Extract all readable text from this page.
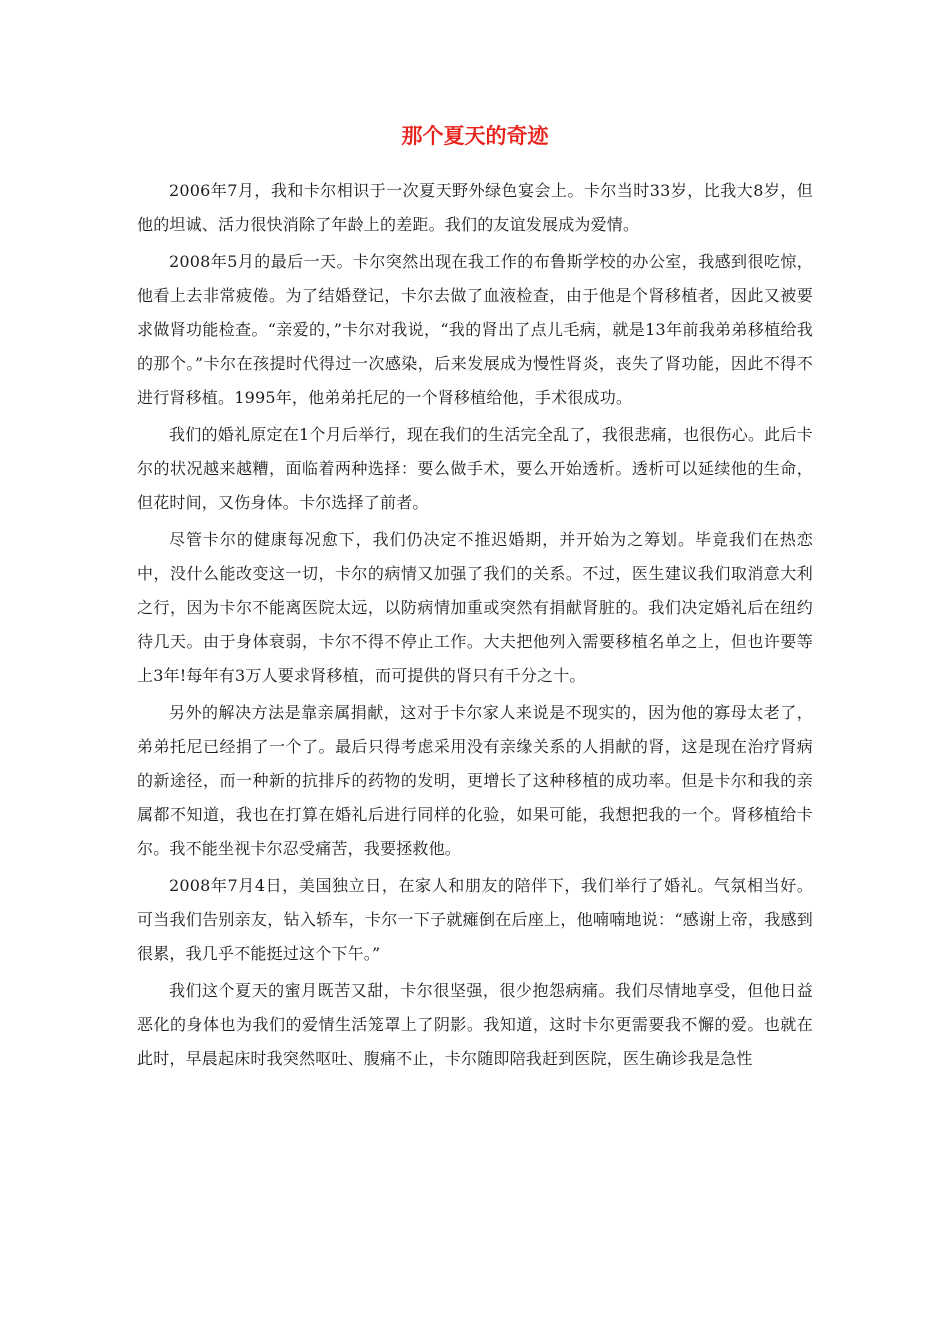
那个夏天的奇迹

2006年7月，我和卡尔相识于一次夏天野外绿色宴会上。卡尔当时33岁，比我大8岁，但他的坦诚、活力很快消除了年龄上的差距。我们的友谊发展成为爱情。

2008年5月的最后一天。卡尔突然出现在我工作的布鲁斯学校的办公室，我感到很吃惊，他看上去非常疲倦。为了结婚登记，卡尔去做了血液检查，由于他是个肾移植者，因此又被要求做肾功能检查。“亲爱的，”卡尔对我说，“我的肾出了点儿毛病，就是13年前我弟弟移植给我的那个。”卡尔在孩提时代得过一次感染，后来发展成为慢性肾炎，丧失了肾功能，因此不得不进行肾移植。1995年，他弟弟托尼的一个肾移植给他，手术很成功。

我们的婚礼原定在1个月后举行，现在我们的生活完全乱了，我很悲痛，也很伤心。此后卡尔的状况越来越糟，面临着两种选择：要么做手术，要么开始透析。透析可以延续他的生命，但花时间，又伤身体。卡尔选择了前者。

尽管卡尔的健康每况愈下，我们仍决定不推迟婚期，并开始为之筹划。毕竟我们在热恋中，没什么能改变这一切，卡尔的病情又加强了我们的关系。不过，医生建议我们取消意大利之行，因为卡尔不能离医院太远，以防病情加重或突然有捐献肾脏的。我们决定婚礼后在纽约待几天。由于身体衰弱，卡尔不得不停止工作。大夫把他列入需要移植名单之上，但也许要等上3年!每年有3万人要求肾移植，而可提供的肾只有千分之十。

另外的解决方法是靠亲属捐献，这对于卡尔家人来说是不现实的，因为他的寡母太老了，弟弟托尼已经捐了一个了。最后只得考虑采用没有亲缘关系的人捐献的肾，这是现在治疗肾病的新途径，而一种新的抗排斥的药物的发明，更增长了这种移植的成功率。但是卡尔和我的亲属都不知道，我也在打算在婚礼后进行同样的化验，如果可能，我想把我的一个。肾移植给卡尔。我不能坐视卡尔忍受痛苦，我要拯救他。

2008年7月4日，美国独立日，在家人和朋友的陪伴下，我们举行了婚礼。气氛相当好。可当我们告别亲友，钻入轿车，卡尔一下子就瘫倒在后座上，他喃喃地说：“感谢上帝，我感到很累，我几乎不能挺过这个下午。”

我们这个夏天的蜜月既苦又甜，卡尔很坚强，很少抱怨病痛。我们尽情地享受，但他日益恶化的身体也为我们的爱情生活笼罩上了阴影。我知道，这时卡尔更需要我不懈的爱。也就在此时，早晨起床时我突然呕吐、腹痛不止，卡尔随即陪我赶到医院，医生确诊我是急性
